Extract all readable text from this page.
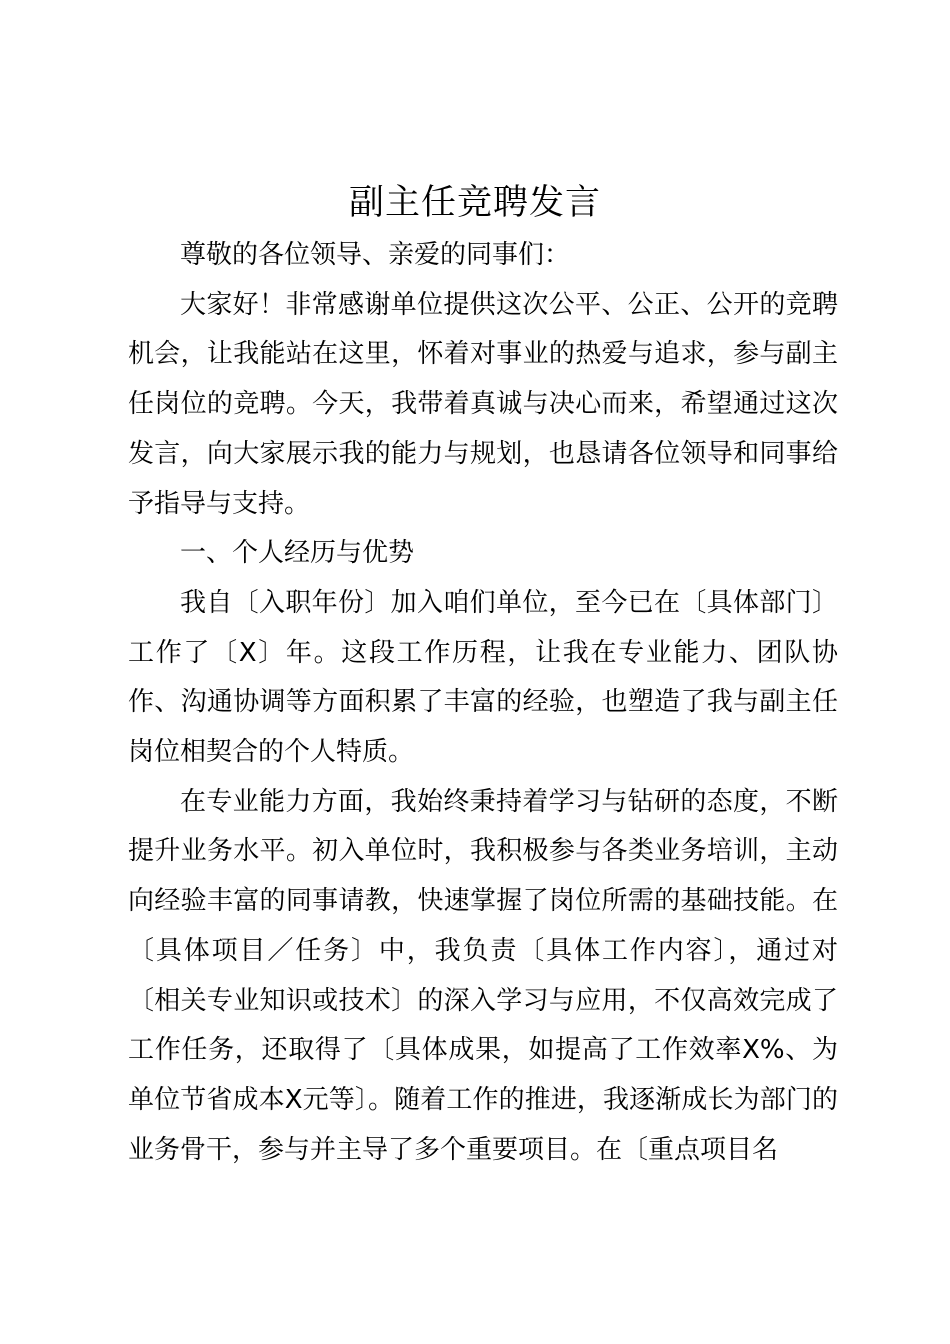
副主任竞聘发言

尊敬的各位领导、亲爱的同事们：

大家好！非常感谢单位提供这次公平、公正、公开的竞聘机会，让我能站在这里，怀着对事业的热爱与追求，参与副主任岗位的竞聘。今天，我带着真诚与决心而来，希望通过这次发言，向大家展示我的能力与规划，也恳请各位领导和同事给予指导与支持。

一、个人经历与优势

我自〔入职年份〕加入咱们单位，至今已在〔具体部门〕工作了〔X〕年。这段工作历程，让我在专业能力、团队协作、沟通协调等方面积累了丰富的经验，也塑造了我与副主任岗位相契合的个人特质。

在专业能力方面，我始终秉持着学习与钻研的态度，不断提升业务水平。初入单位时，我积极参与各类业务培训，主动向经验丰富的同事请教，快速掌握了岗位所需的基础技能。在〔具体项目／任务〕中，我负责〔具体工作内容〕，通过对〔相关专业知识或技术〕的深入学习与应用，不仅高效完成了工作任务，还取得了〔具体成果，如提高了工作效率X%、为单位节省成本X元等〕。随着工作的推进，我逐渐成长为部门的业务骨干，参与并主导了多个重要项目。在〔重点项目名
